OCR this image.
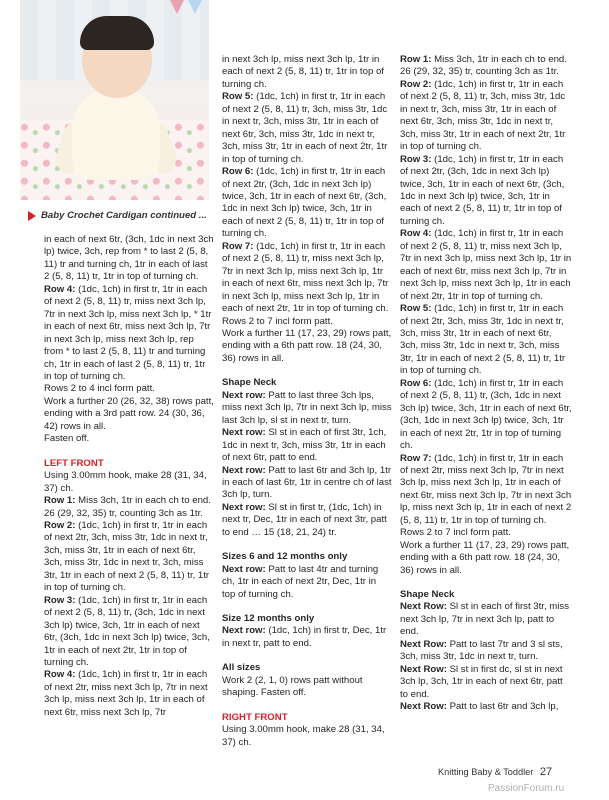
Baby Crochet Cardigan continued ...

in each of next 6tr, (3ch, 1dc in next 3ch lp) twice, 3ch, rep from * to last 2 (5, 8, 11) tr and turning ch, 1tr in each of last 2 (5, 8, 11) tr, 1tr in top of turning ch.

Row 4: (1dc, 1ch) in first tr, 1tr in each of next 2 (5, 8, 11) tr, miss next 3ch lp, 7tr in next 3ch lp, miss next 3ch lp, * 1tr in each of next 6tr, miss next 3ch lp, 7tr in next 3ch lp, miss next 3ch lp, rep from * to last 2 (5, 8, 11) tr and turning ch, 1tr in each of last 2 (5, 8, 11) tr, 1tr in top of turning ch.

Rows 2 to 4 incl form patt.

Work a further 20 (26, 32, 38) rows patt, ending with a 3rd patt row. 24 (30, 36, 42) rows in all.

Fasten off.

LEFT FRONT

Using 3.00mm hook, make 28 (31, 34, 37) ch.

Row 1: Miss 3ch, 1tr in each ch to end. 26 (29, 32, 35) tr, counting 3ch as 1tr.

Row 2: (1dc, 1ch) in first tr, 1tr in each of next 2tr, 3ch, miss 3tr, 1dc in next tr, 3ch, miss 3tr, 1tr in each of next 6tr, 3ch, miss 3tr, 1dc in next tr, 3ch, miss 3tr, 1tr in each of next 2 (5, 8, 11) tr, 1tr in top of turning ch.

Row 3: (1dc, 1ch) in first tr, 1tr in each of next 2 (5, 8, 11) tr, (3ch, 1dc in next 3ch lp) twice, 3ch, 1tr in each of next 6tr, (3ch, 1dc in next 3ch lp) twice, 3ch, 1tr in each of next 2tr, 1tr in top of turning ch.

Row 4: (1dc, 1ch) in first tr, 1tr in each of next 2tr, miss next 3ch lp, 7tr in next 3ch lp, miss next 3ch lp, 1tr in each of next 6tr, miss next 3ch lp, 7tr

in next 3ch lp, miss next 3ch lp, 1tr in each of next 2 (5, 8, 11) tr, 1tr in top of turning ch.

Row 5: (1dc, 1ch) in first tr, 1tr in each of next 2 (5, 8, 11) tr, 3ch, miss 3tr, 1dc in next tr, 3ch, miss 3tr, 1tr in each of next 6tr, 3ch, miss 3tr, 1dc in next tr, 3ch, miss 3tr, 1tr in each of next 2tr, 1tr in top of turning ch.

Row 6: (1dc, 1ch) in first tr, 1tr in each of next 2tr, (3ch, 1dc in next 3ch lp) twice, 3ch, 1tr in each of next 6tr, (3ch, 1dc in next 3ch lp) twice, 3ch, 1tr in each of next 2 (5, 8, 11) tr, 1tr in top of turning ch.

Row 7: (1dc, 1ch) in first tr, 1tr in each of next 2 (5, 8, 11) tr, miss next 3ch lp, 7tr in next 3ch lp, miss next 3ch lp, 1tr in each of next 6tr, miss next 3ch lp, 7tr in next 3ch lp, miss next 3ch lp, 1tr in each of next 2tr, 1tr in top of turning ch.

Rows 2 to 7 incl form patt.

Work a further 11 (17, 23, 29) rows patt, ending with a 6th patt row. 18 (24, 30, 36) rows in all.

Shape Neck

Next row: Patt to last three 3ch lps, miss next 3ch lp, 7tr in next 3ch lp, miss last 3ch lp, sl st in next tr, turn.

Next row: Sl st in each of first 3tr, 1ch, 1dc in next tr, 3ch, miss 3tr, 1tr in each of next 6tr, patt to end.

Next row: Patt to last 6tr and 3ch lp, 1tr in each of last 6tr, 1tr in centre ch of last 3ch lp, turn.

Next row: Sl st in first tr, (1dc, 1ch) in next tr, Dec, 1tr in each of next 3tr, patt to end … 15 (18, 21, 24) tr.

Sizes 6 and 12 months only

Next row: Patt to last 4tr and turning ch, 1tr in each of next 2tr, Dec, 1tr in top of turning ch.

Size 12 months only

Next row: (1dc, 1ch) in first tr, Dec, 1tr in next tr, patt to end.

All sizes

Work 2 (2, 1, 0) rows patt without shaping. Fasten off.

RIGHT FRONT

Using 3.00mm hook, make 28 (31, 34, 37) ch.

Row 1: Miss 3ch, 1tr in each ch to end. 26 (29, 32, 35) tr, counting 3ch as 1tr.

Row 2: (1dc, 1ch) in first tr, 1tr in each of next 2 (5, 8, 11) tr, 3ch, miss 3tr, 1dc in next tr, 3ch, miss 3tr, 1tr in each of next 6tr, 3ch, miss 3tr, 1dc in next tr, 3ch, miss 3tr, 1tr in each of next 2tr, 1tr in top of turning ch.

Row 3: (1dc, 1ch) in first tr, 1tr in each of next 2tr, (3ch, 1dc in next 3ch lp) twice, 3ch, 1tr in each of next 6tr, (3ch, 1dc in next 3ch lp) twice, 3ch, 1tr in each of next 2 (5, 8, 11) tr, 1tr in top of turning ch.

Row 4: (1dc, 1ch) in first tr, 1tr in each of next 2 (5, 8, 11) tr, miss next 3ch lp, 7tr in next 3ch lp, miss next 3ch lp, 1tr in each of next 6tr, miss next 3ch lp, 7tr in next 3ch lp, miss next 3ch lp, 1tr in each of next 2tr, 1tr in top of turning ch.

Row 5: (1dc, 1ch) in first tr, 1tr in each of next 2tr, 3ch, miss 3tr, 1dc in next tr, 3ch, miss 3tr, 1tr in each of next 6tr, 3ch, miss 3tr, 1dc in next tr, 3ch, miss 3tr, 1tr in each of next 2 (5, 8, 11) tr, 1tr in top of turning ch.

Row 6: (1dc, 1ch) in first tr, 1tr in each of next 2 (5, 8, 11) tr, (3ch, 1dc in next 3ch lp) twice, 3ch, 1tr in each of next 6tr, (3ch, 1dc in next 3ch lp) twice, 3ch, 1tr in each of next 2tr, 1tr in top of turning ch.

Row 7: (1dc, 1ch) in first tr, 1tr in each of next 2tr, miss next 3ch lp, 7tr in next 3ch lp, miss next 3ch lp, 1tr in each of next 6tr, miss next 3ch lp, 7tr in next 3ch lp, miss next 3ch lp, 1tr in each of next 2 (5, 8, 11) tr, 1tr in top of turning ch.

Rows 2 to 7 incl form patt.

Work a further 11 (17, 23, 29) rows patt, ending with a 6th patt row. 18 (24, 30, 36) rows in all.

Shape Neck

Next Row: Sl st in each of first 3tr, miss next 3ch lp, 7tr in next 3ch lp, patt to end.

Next Row: Patt to last 7tr and 3 sl sts, 3ch, miss 3tr, 1dc in next tr, turn.

Next Row: Sl st in first dc, sl st in next 3ch lp, 3ch, 1tr in each of next 6tr, patt to end.

Next Row: Patt to last 6tr and 3ch lp,

Knitting Baby & Toddler 27
PassionForum.ru
